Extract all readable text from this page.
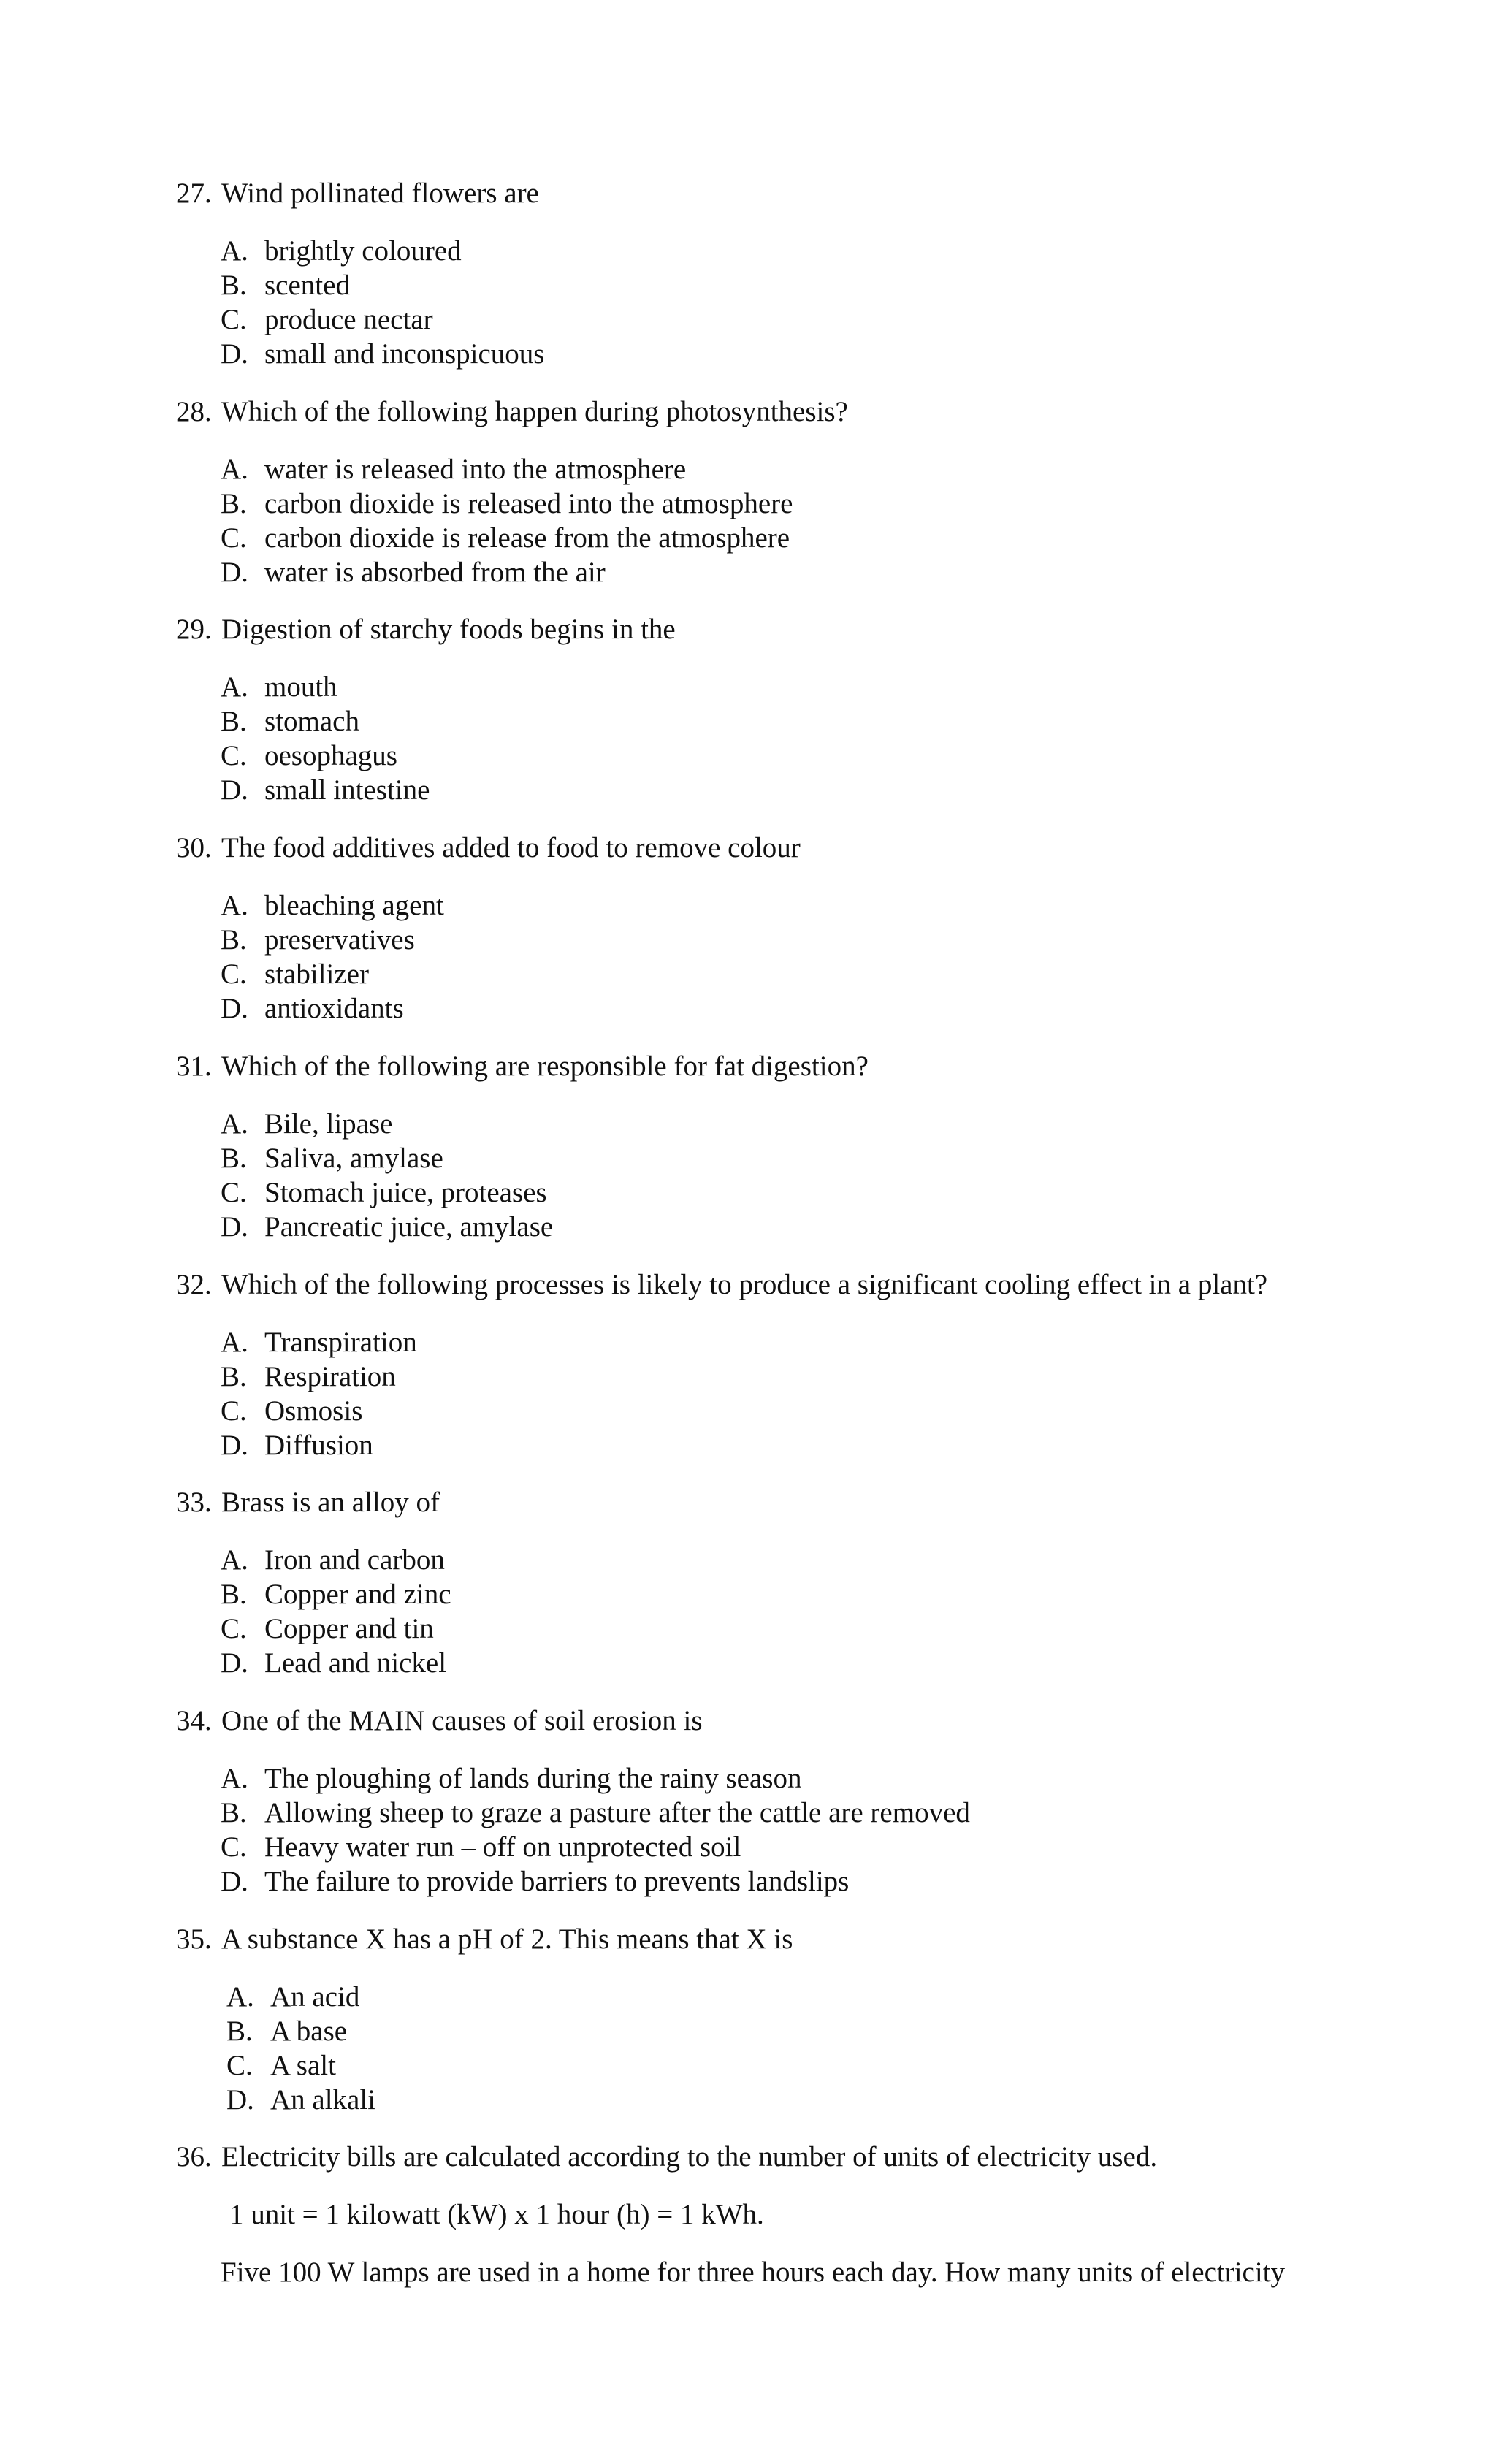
27. Wind pollinated flowers are
A. brightly coloured
B. scented
C. produce nectar
D. small and inconspicuous
28. Which of the following happen during photosynthesis?
A. water is released into the atmosphere
B. carbon dioxide is released into the atmosphere
C. carbon dioxide is release from the atmosphere
D. water is absorbed from the air
29. Digestion of starchy foods begins in the
A. mouth
B. stomach
C. oesophagus
D. small intestine
30. The food additives added to food to remove colour
A. bleaching agent
B. preservatives
C. stabilizer
D. antioxidants
31. Which of the following are responsible for fat digestion?
A. Bile, lipase
B. Saliva, amylase
C. Stomach juice, proteases
D. Pancreatic juice, amylase
32. Which of the following processes is likely to produce a significant cooling effect in a plant?
A. Transpiration
B. Respiration
C. Osmosis
D. Diffusion
33. Brass is an alloy of
A. Iron and carbon
B. Copper and zinc
C. Copper and tin
D. Lead and nickel
34. One of the MAIN causes of soil erosion is
A. The ploughing of lands during the rainy season
B. Allowing sheep to graze a pasture after the cattle are removed
C. Heavy water run – off on unprotected soil
D. The failure to provide barriers to prevents landslips
35. A substance X has a pH of 2. This means that X is
A. An acid
B. A base
C. A salt
D. An alkali
36. Electricity bills are calculated according to the number of units of electricity used.
1 unit = 1 kilowatt (kW) x 1 hour (h) = 1 kWh.
Five 100 W lamps are used in a home for three hours each day. How many units of electricity
